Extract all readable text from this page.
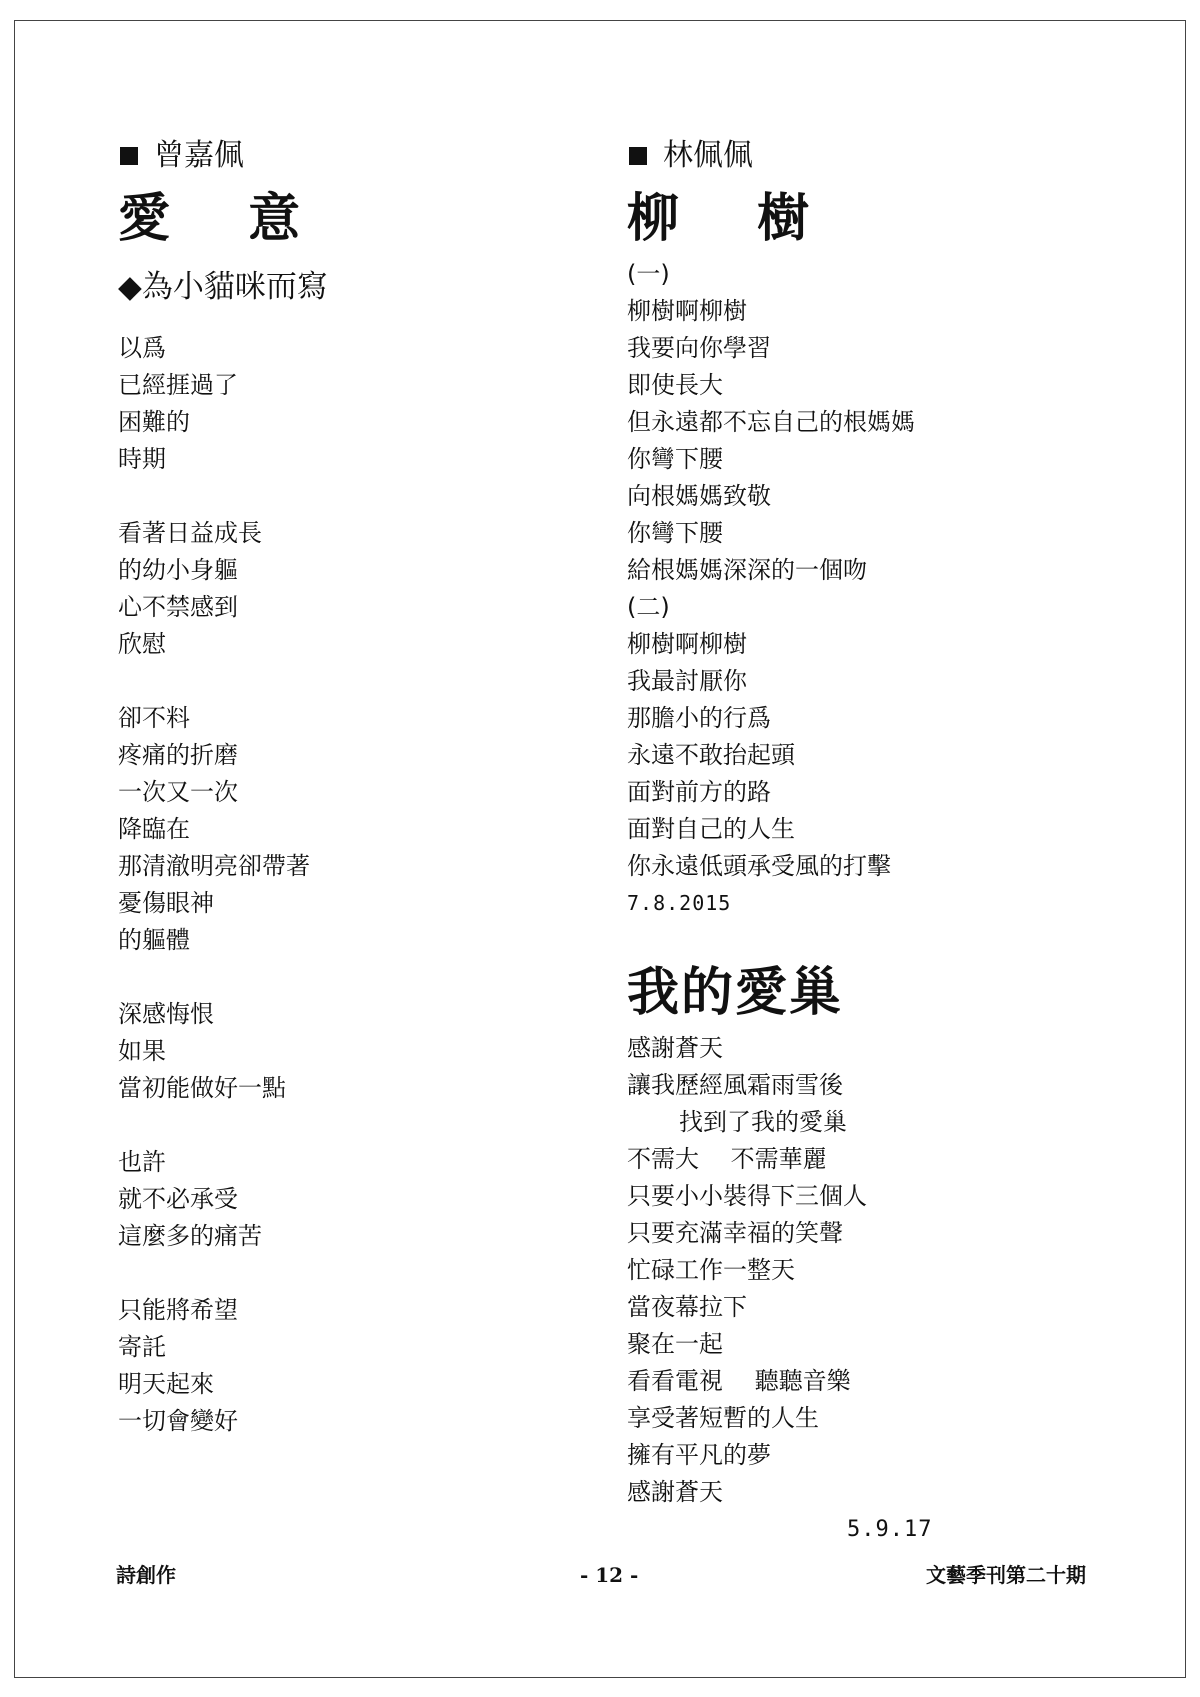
曾嘉佩
愛 意
◆為小貓咪而寫
以爲
已經捱過了
困難的
時期
看著日益成長
的幼小身軀
心不禁感到
欣慰
卻不料
疼痛的折磨
一次又一次
降臨在
那清澈明亮卻帶著
憂傷眼神
的軀體
深感悔恨
如果
當初能做好一點
也許
就不必承受
這麼多的痛苦
只能將希望
寄託
明天起來
一切會變好
林佩佩
柳 樹
(一)
柳樹啊柳樹
我要向你學習
即使長大
但永遠都不忘自己的根媽媽
你彎下腰
向根媽媽致敬
你彎下腰
給根媽媽深深的一個吻
(二)
柳樹啊柳樹
我最討厭你
那膽小的行爲
永遠不敢抬起頭
面對前方的路
面對自己的人生
你永遠低頭承受風的打擊
7.8.2015
我的愛巢
感謝蒼天
讓我歷經風霜雨雪後
找到了我的愛巢
不需大　 不需華麗
只要小小裝得下三個人
只要充滿幸福的笑聲
忙碌工作一整天
當夜幕拉下
聚在一起
看看電視　 聽聽音樂
享受著短暫的人生
擁有平凡的夢
感謝蒼天
5.9.17
詩創作	- 12 -	文藝季刊第二十期
